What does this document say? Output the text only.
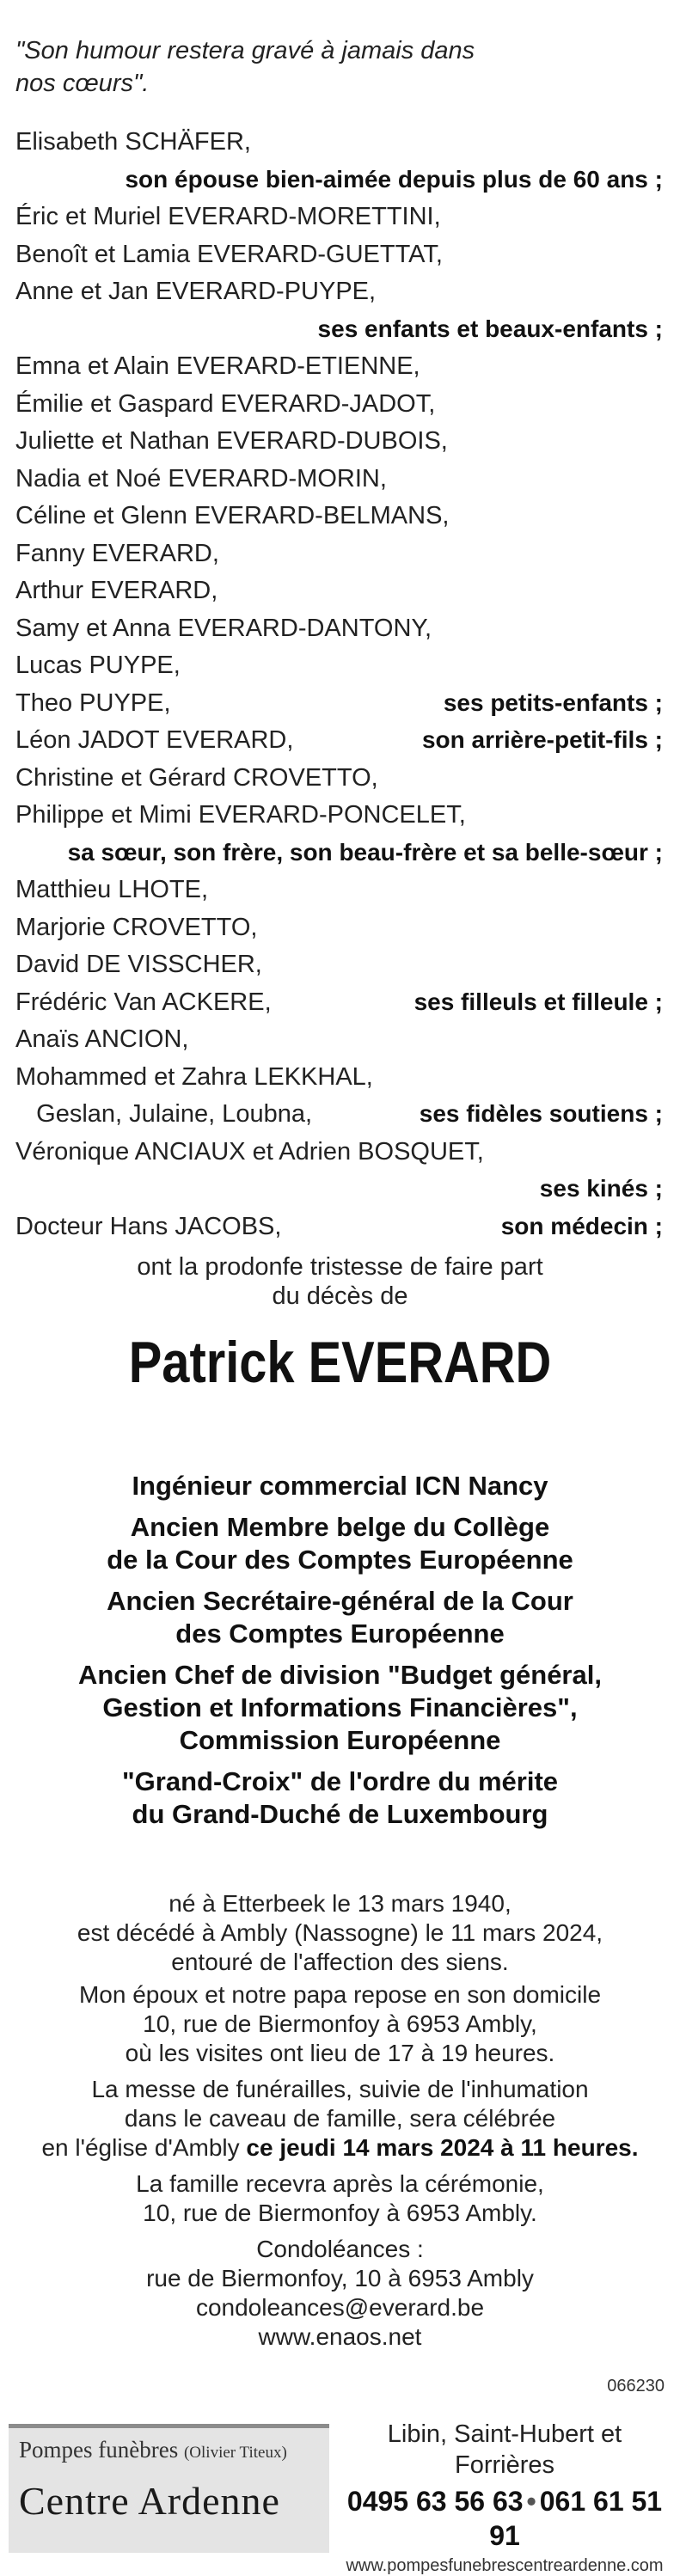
"Son humour restera gravé à jamais dans nos cœurs".
Elisabeth SCHÄFER,
son épouse bien-aimée depuis plus de 60 ans ;
Éric et Muriel EVERARD-MORETTINI,
Benoît et Lamia EVERARD-GUETTAT,
Anne et Jan EVERARD-PUYPE,
ses enfants et beaux-enfants ;
Emna et Alain EVERARD-ETIENNE,
Émilie et Gaspard EVERARD-JADOT,
Juliette et Nathan EVERARD-DUBOIS,
Nadia et Noé EVERARD-MORIN,
Céline et Glenn EVERARD-BELMANS,
Fanny EVERARD,
Arthur EVERARD,
Samy et Anna EVERARD-DANTONY,
Lucas PUYPE,
Theo PUYPE,	ses petits-enfants ;
Léon JADOT EVERARD,	son arrière-petit-fils ;
Christine et Gérard CROVETTO,
Philippe et Mimi EVERARD-PONCELET,
sa sœur, son frère, son beau-frère et sa belle-sœur ;
Matthieu LHOTE,
Marjorie CROVETTO,
David DE VISSCHER,
Frédéric Van ACKERE,	ses filleuls et filleule ;
Anaïs ANCION,
Mohammed et Zahra LEKKHAL,
Geslan, Julaine, Loubna,	ses fidèles soutiens ;
Véronique ANCIAUX et Adrien BOSQUET,
ses kinés ;
Docteur Hans JACOBS,	son médecin ;
ont la prodonfe tristesse de faire part
du décès de
Patrick EVERARD
Ingénieur commercial ICN Nancy
Ancien Membre belge du Collège
de la Cour des Comptes Européenne
Ancien Secrétaire-général de la Cour
des Comptes Européenne
Ancien Chef de division "Budget général,
Gestion et Informations Financières",
Commission Européenne
"Grand-Croix" de l'ordre du mérite
du Grand-Duché de Luxembourg
né à Etterbeek le 13 mars 1940,
est décédé à Ambly (Nassogne) le 11 mars 2024,
entouré de l'affection des siens.
Mon époux et notre papa repose en son domicile
10, rue de Biermonfoy à 6953 Ambly,
où les visites ont lieu de 17 à 19 heures.
La messe de funérailles, suivie de l'inhumation
dans le caveau de famille, sera célébrée
en l'église d'Ambly ce jeudi 14 mars 2024 à 11 heures.
La famille recevra après la cérémonie,
10, rue de Biermonfoy à 6953 Ambly.
Condoléances :
rue de Biermonfoy, 10 à 6953 Ambly
condoleances@everard.be
www.enaos.net
066230
Pompes funèbres (Olivier Titeux)
Centre Ardenne
Libin, Saint-Hubert et Forrières
0495 63 56 63 • 061 61 51 91
www.pompesfunebrescentreardenne.com
